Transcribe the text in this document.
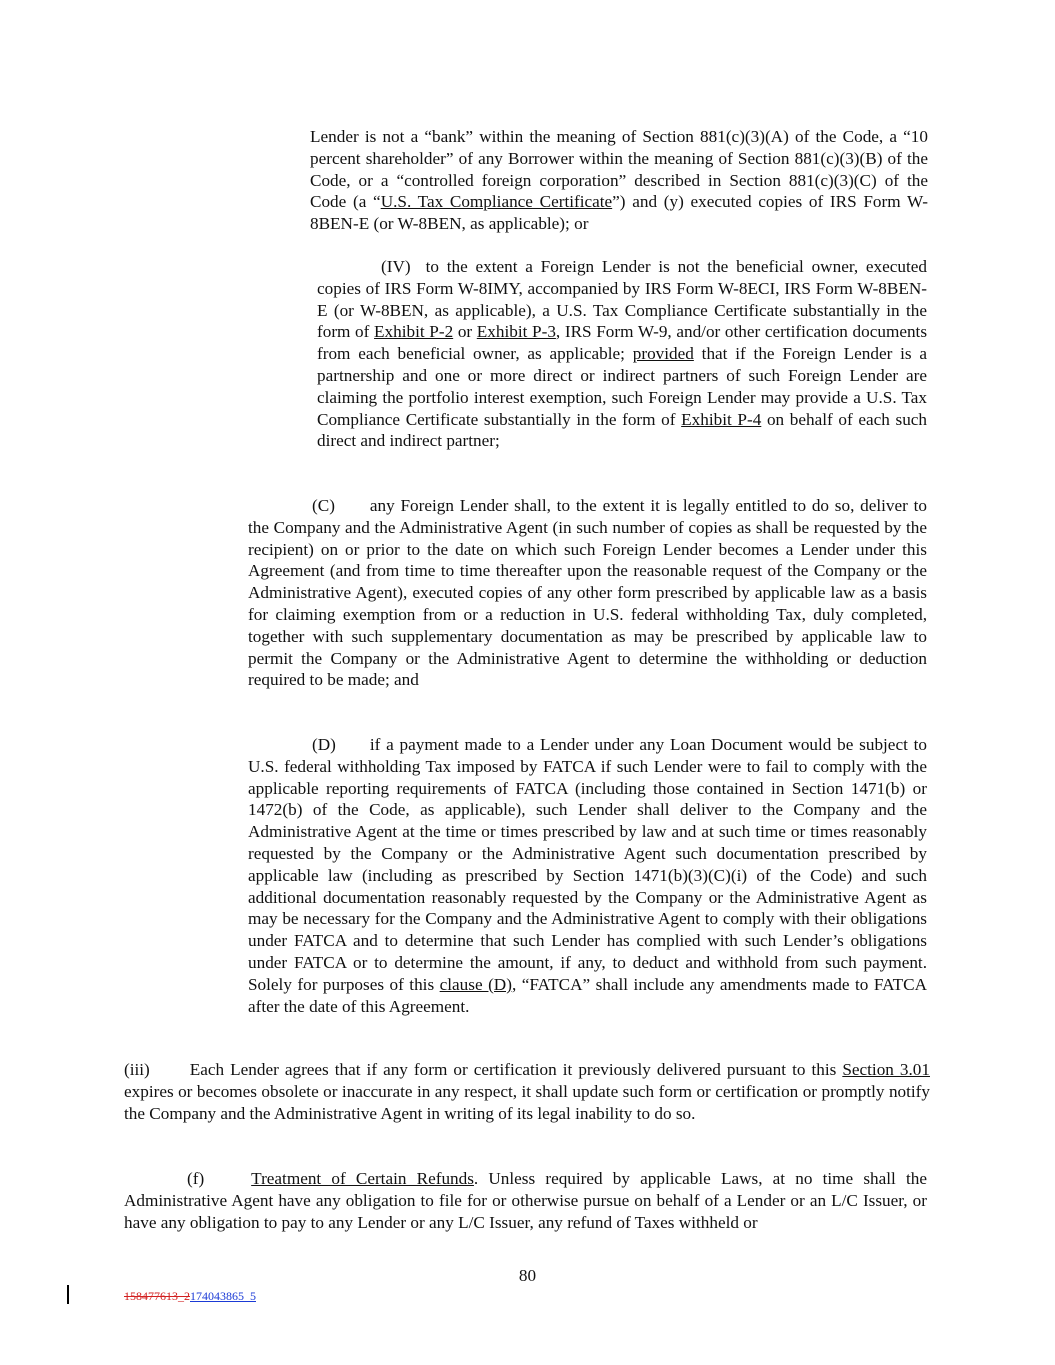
Lender is not a “bank” within the meaning of Section 881(c)(3)(A) of the Code, a “10 percent shareholder” of any Borrower within the meaning of Section 881(c)(3)(B) of the Code, or a “controlled foreign corporation” described in Section 881(c)(3)(C) of the Code (a “U.S. Tax Compliance Certificate”) and (y) executed copies of IRS Form W-8BEN-E (or W-8BEN, as applicable); or

(IV) to the extent a Foreign Lender is not the beneficial owner, executed copies of IRS Form W-8IMY, accompanied by IRS Form W-8ECI, IRS Form W-8BEN-E (or W-8BEN, as applicable), a U.S. Tax Compliance Certificate substantially in the form of Exhibit P-2 or Exhibit P-3, IRS Form W-9, and/or other certification documents from each beneficial owner, as applicable; provided that if the Foreign Lender is a partnership and one or more direct or indirect partners of such Foreign Lender are claiming the portfolio interest exemption, such Foreign Lender may provide a U.S. Tax Compliance Certificate substantially in the form of Exhibit P-4 on behalf of each such direct and indirect partner;

(C) any Foreign Lender shall, to the extent it is legally entitled to do so, deliver to the Company and the Administrative Agent (in such number of copies as shall be requested by the recipient) on or prior to the date on which such Foreign Lender becomes a Lender under this Agreement (and from time to time thereafter upon the reasonable request of the Company or the Administrative Agent), executed copies of any other form prescribed by applicable law as a basis for claiming exemption from or a reduction in U.S. federal withholding Tax, duly completed, together with such supplementary documentation as may be prescribed by applicable law to permit the Company or the Administrative Agent to determine the withholding or deduction required to be made; and

(D) if a payment made to a Lender under any Loan Document would be subject to U.S. federal withholding Tax imposed by FATCA if such Lender were to fail to comply with the applicable reporting requirements of FATCA (including those contained in Section 1471(b) or 1472(b) of the Code, as applicable), such Lender shall deliver to the Company and the Administrative Agent at the time or times prescribed by law and at such time or times reasonably requested by the Company or the Administrative Agent such documentation prescribed by applicable law (including as prescribed by Section 1471(b)(3)(C)(i) of the Code) and such additional documentation reasonably requested by the Company or the Administrative Agent as may be necessary for the Company and the Administrative Agent to comply with their obligations under FATCA and to determine that such Lender has complied with such Lender’s obligations under FATCA or to determine the amount, if any, to deduct and withhold from such payment. Solely for purposes of this clause (D), “FATCA” shall include any amendments made to FATCA after the date of this Agreement.

(iii) Each Lender agrees that if any form or certification it previously delivered pursuant to this Section 3.01 expires or becomes obsolete or inaccurate in any respect, it shall update such form or certification or promptly notify the Company and the Administrative Agent in writing of its legal inability to do so.

(f)	Treatment of Certain Refunds. Unless required by applicable Laws, at no time shall the Administrative Agent have any obligation to file for or otherwise pursue on behalf of a Lender or an L/C Issuer, or have any obligation to pay to any Lender or any L/C Issuer, any refund of Taxes withheld or

80
158477613_2174043865_5
